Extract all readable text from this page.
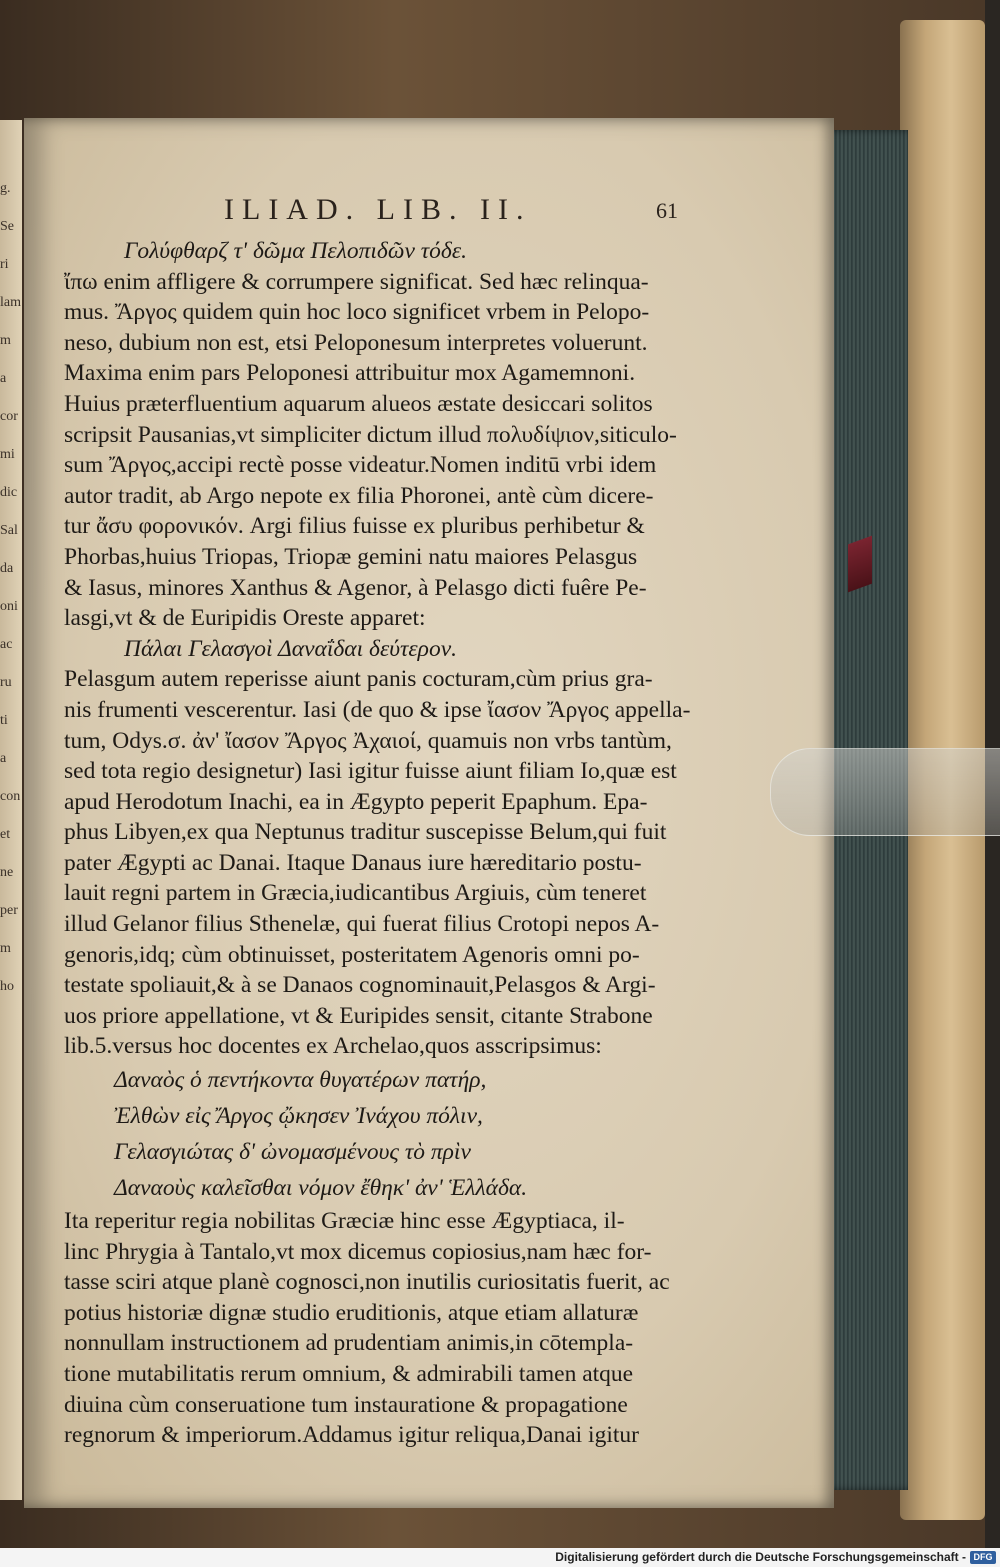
g.
Se
ri
lam
m
a
cor
mi
dic
Sal
da
oni
ac
ru
ti
a
con
et
ne
per
m
ho
ILIAD. LIB. II.	61
Γολύφθαρζ τ' δῶμα Πελοπιδῶν τόδε.
ἴπω enim affligere & corrumpere significat. Sed hæc relinqua-
mus. Ἄργος quidem quin hoc loco significet vrbem in Pelopo-
neso, dubium non est, etsi Peloponesum interpretes voluerunt.
Maxima enim pars Peloponesi attribuitur mox Agamemnoni.
Huius præterfluentium aquarum alueos æstate desiccari solitos
scripsit Pausanias,vt simpliciter dictum illud πολυδίψιον,siticulo-
sum Ἄργος,accipi rectè posse videatur.Nomen inditū vrbi idem
autor tradit, ab Argo nepote ex filia Phoronei, antè cùm dicere-
tur ἄσυ φορονικόν. Argi filius fuisse ex pluribus perhibetur &
Phorbas,huius Triopas, Triopæ gemini natu maiores Pelasgus
& Iasus, minores Xanthus & Agenor, à Pelasgo dicti fuêre Pe-
lasgi,vt & de Euripidis Oreste apparet:
Πάλαι Γελασγοὶ Δαναΐδαι δεύτερον.
Pelasgum autem reperisse aiunt panis cocturam,cùm prius gra-
nis frumenti vescerentur. Iasi (de quo & ipse ἴασον Ἄργος appella-
tum, Odys.σ. ἀν' ἴασον Ἄργος Ἀχαιοί, quamuis non vrbs tantùm,
sed tota regio designetur) Iasi igitur fuisse aiunt filiam Io,quæ est
apud Herodotum Inachi, ea in Ægypto peperit Epaphum. Epa-
phus Libyen,ex qua Neptunus traditur suscepisse Belum,qui fuit
pater Ægypti ac Danai. Itaque Danaus iure hæreditario postu-
lauit regni partem in Græcia,iudicantibus Argiuis, cùm teneret
illud Gelanor filius Sthenelæ, qui fuerat filius Crotopi nepos A-
genoris,idq; cùm obtinuisset, posteritatem Agenoris omni po-
testate spoliauit,& à se Danaos cognominauit,Pelasgos & Argi-
uos priore appellatione, vt & Euripides sensit, citante Strabone
lib.5.versus hoc docentes ex Archelao,quos asscripsimus:
Δαναὸς ὁ πεντήκοντα θυγατέρων πατήρ,
Ἐλθὼν εἰς Ἄργος ᾤκησεν Ἰνάχου πόλιν,
Γελασγιώτας δ' ὠνομασμένους τὸ πρὶν
Δαναοὺς καλεῖσθαι νόμον ἔθηκ' ἀν' Ἑλλάδα.
Ita reperitur regia nobilitas Græciæ hinc esse Ægyptiaca, il-
linc Phrygia à Tantalo,vt mox dicemus copiosius,nam hæc for-
tasse sciri atque planè cognosci,non inutilis curiositatis fuerit, ac
potius historiæ dignæ studio eruditionis, atque etiam allaturæ
nonnullam instructionem ad prudentiam animis,in cōtempla-
tione mutabilitatis rerum omnium, & admirabili tamen atque
diuina cùm conseruatione tum instauratione & propagatione
regnorum & imperiorum.Addamus igitur reliqua,Danai igitur
Digitalisierung gefördert durch die Deutsche Forschungsgemeinschaft - DFG
